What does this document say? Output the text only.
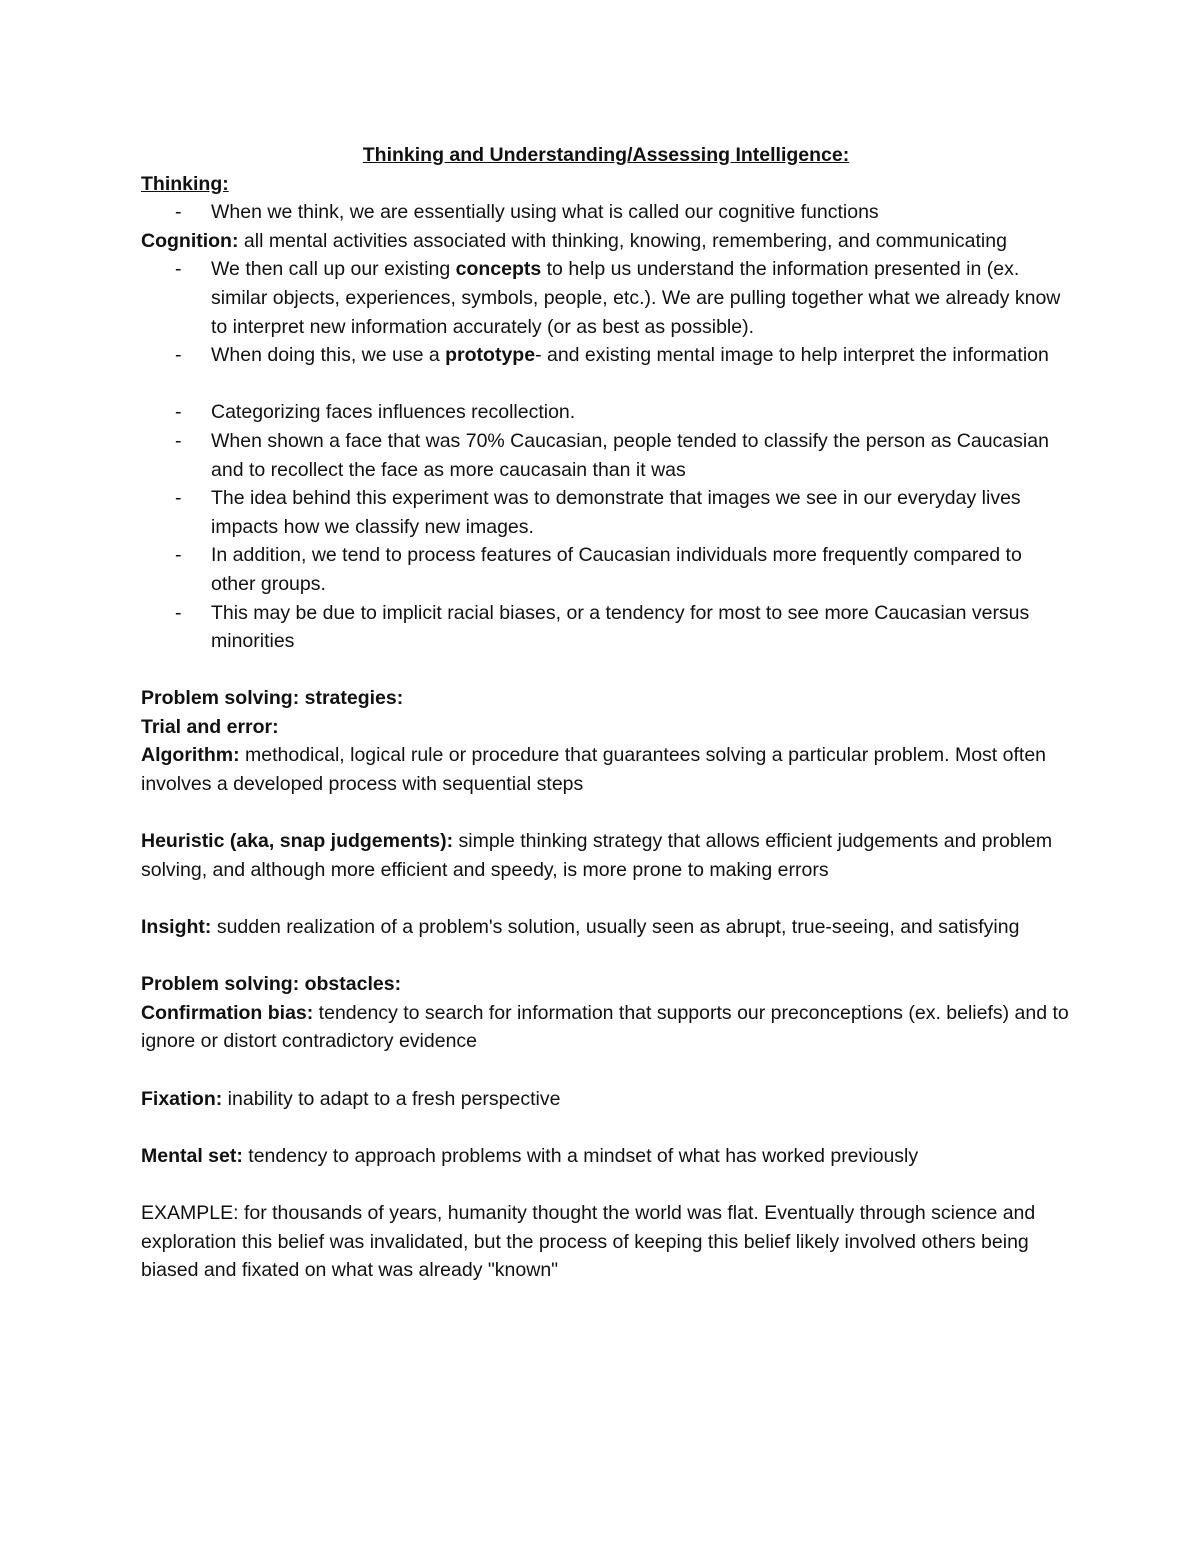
Thinking and Understanding/Assessing Intelligence:

Thinking:

- When we think, we are essentially using what is called our cognitive functions

Cognition: all mental activities associated with thinking, knowing, remembering, and communicating

- We then call up our existing concepts to help us understand the information presented in (ex. similar objects, experiences, symbols, people, etc.). We are pulling together what we already know to interpret new information accurately (or as best as possible).
- When doing this, we use a prototype- and existing mental image to help interpret the information
- Categorizing faces influences recollection.
- When shown a face that was 70% Caucasian, people tended to classify the person as Caucasian and to recollect the face as more caucasain than it was
- The idea behind this experiment was to demonstrate that images we see in our everyday lives impacts how we classify new images.
- In addition, we tend to process features of Caucasian individuals more frequently compared to other groups.
- This may be due to implicit racial biases, or a tendency for most to see more Caucasian versus minorities

Problem solving: strategies:

Trial and error:

Algorithm: methodical, logical rule or procedure that guarantees solving a particular problem. Most often involves a developed process with sequential steps

Heuristic (aka, snap judgements): simple thinking strategy that allows efficient judgements and problem solving, and although more efficient and speedy, is more prone to making errors

Insight: sudden realization of a problem's solution, usually seen as abrupt, true-seeing, and satisfying

Problem solving: obstacles:

Confirmation bias: tendency to search for information that supports our preconceptions (ex. beliefs) and to ignore or distort contradictory evidence

Fixation: inability to adapt to a fresh perspective

Mental set: tendency to approach problems with a mindset of what has worked previously

EXAMPLE: for thousands of years, humanity thought the world was flat. Eventually through science and exploration this belief was invalidated, but the process of keeping this belief likely involved others being biased and fixated on what was already "known"
